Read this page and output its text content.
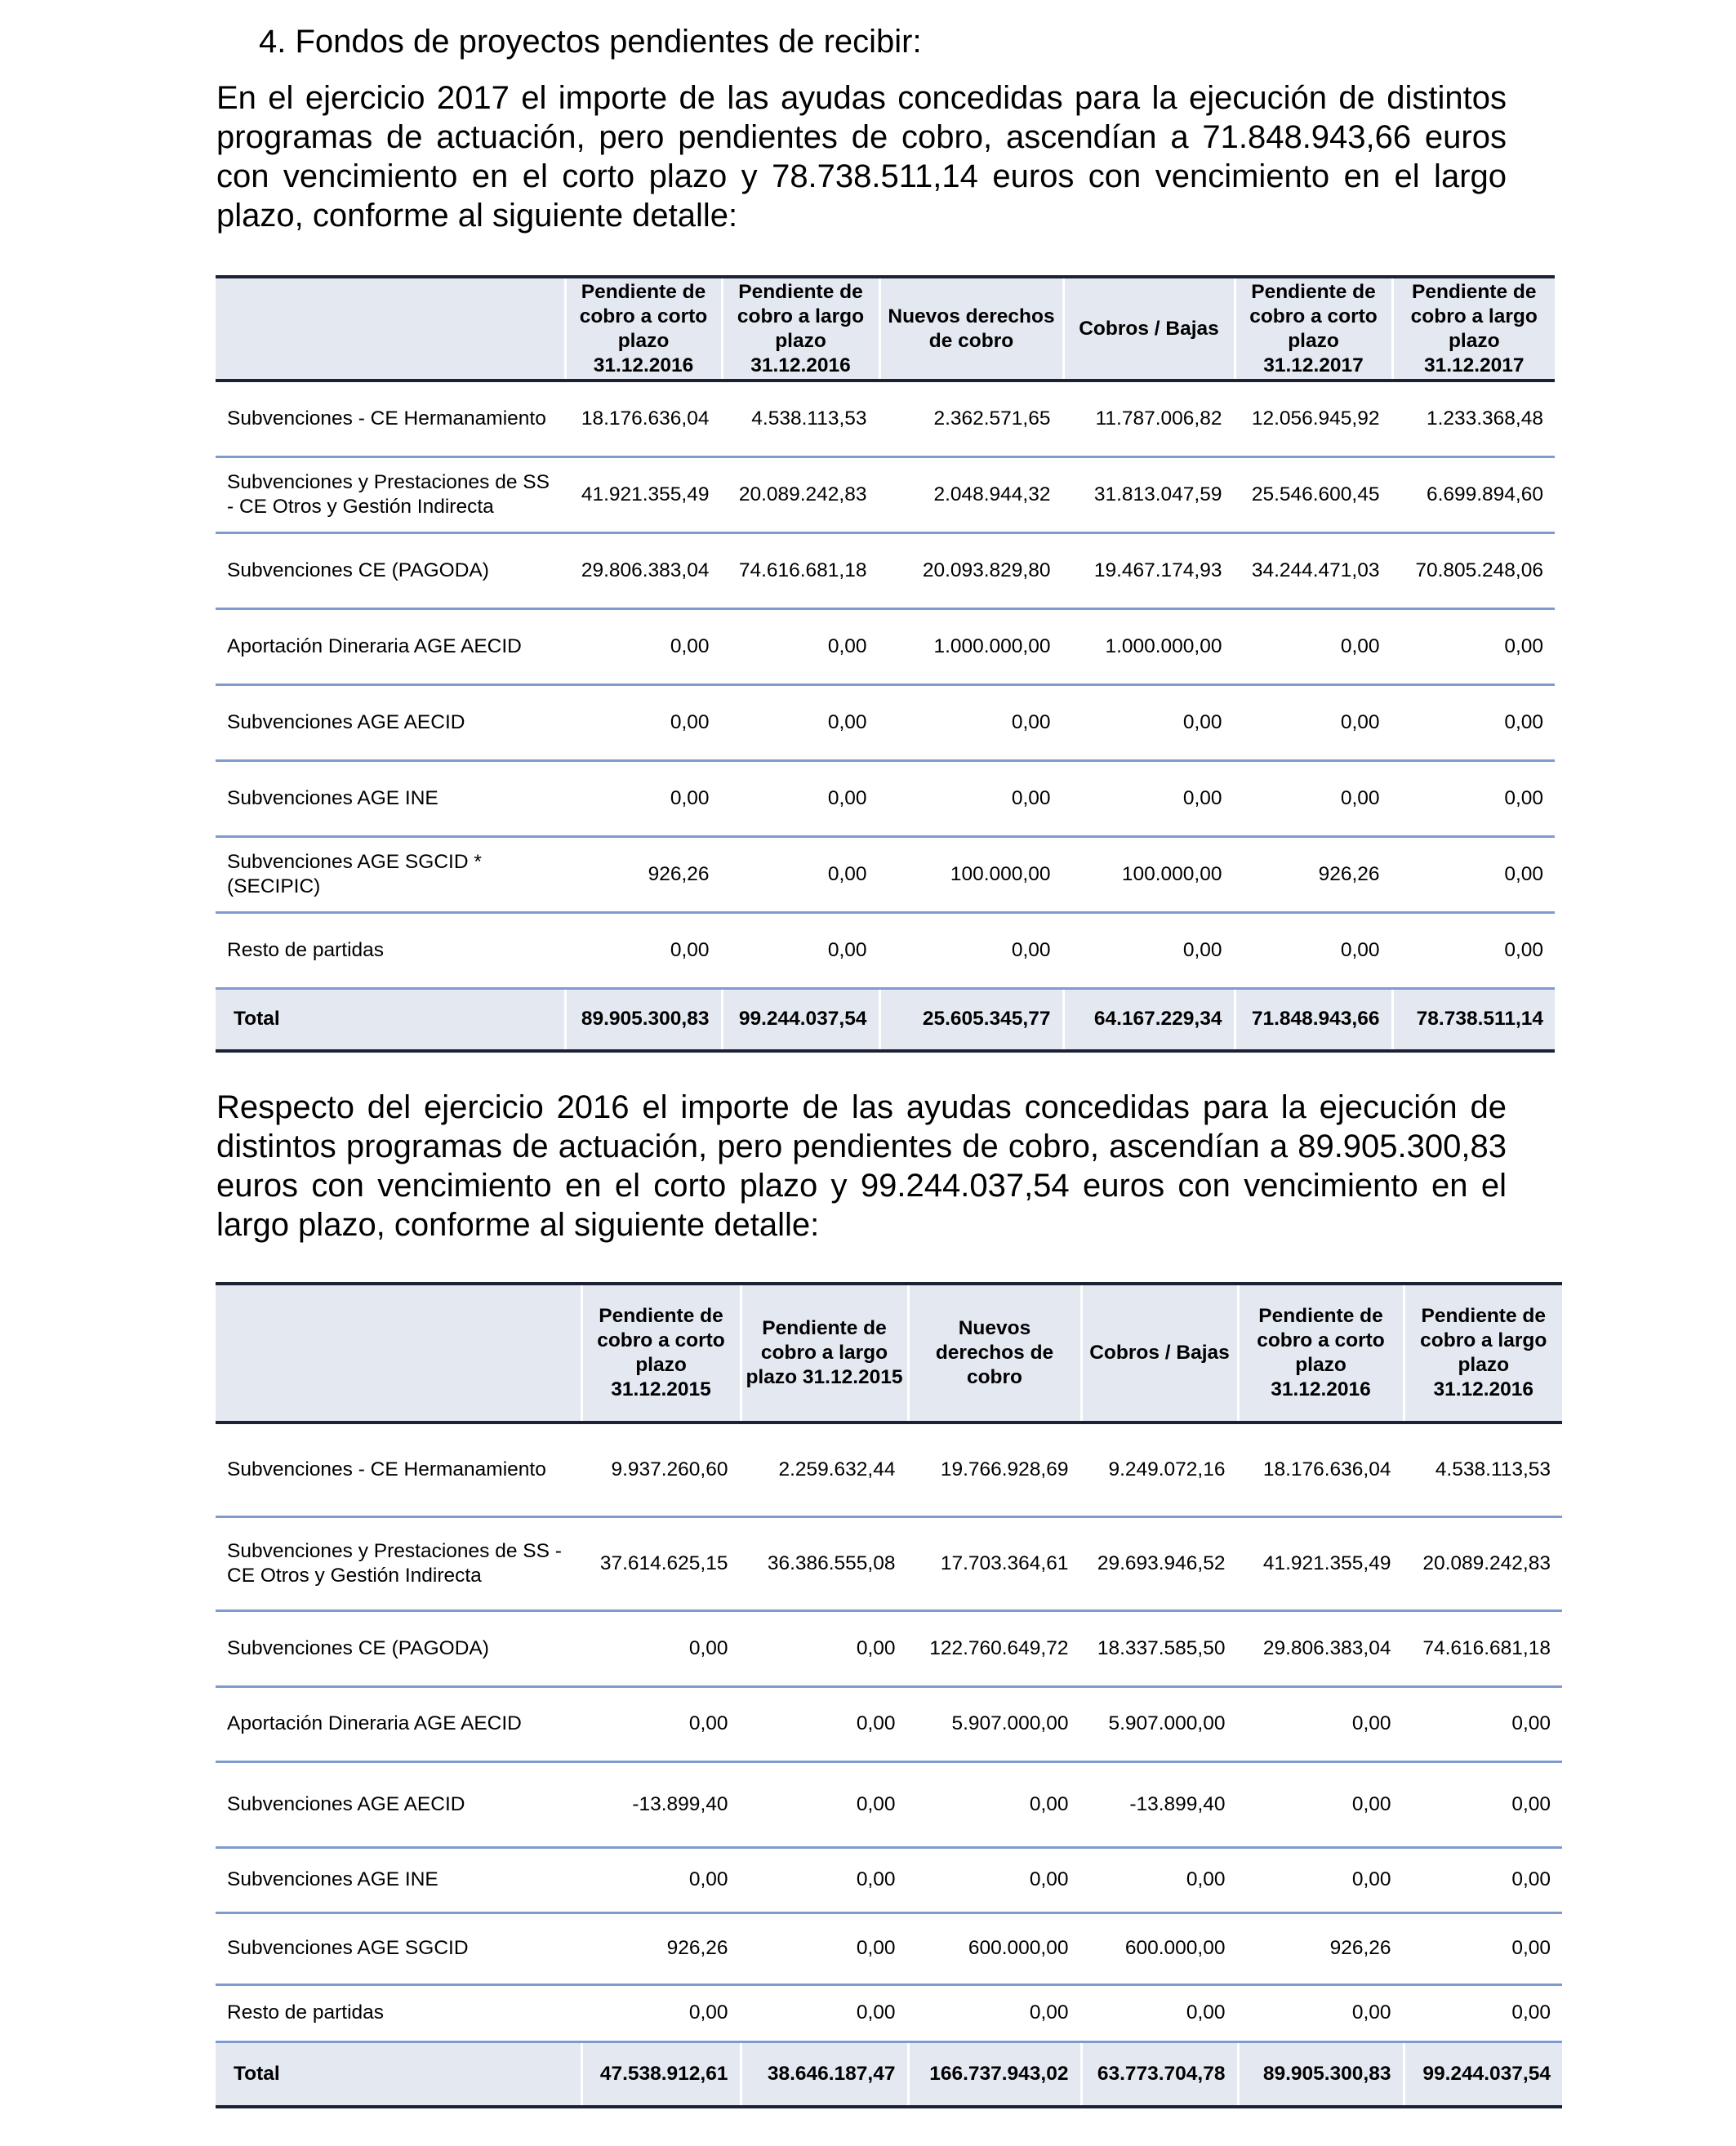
4. Fondos de proyectos pendientes de recibir:
En el ejercicio 2017 el importe de las ayudas concedidas para la ejecución de distintos programas de actuación, pero pendientes de cobro, ascendían a 71.848.943,66 euros con vencimiento en el corto plazo y 78.738.511,14 euros con vencimiento en el largo plazo, conforme al siguiente detalle:
	Pendiente de cobro a corto plazo 31.12.2016	Pendiente de cobro a largo plazo 31.12.2016	Nuevos derechos de cobro	Cobros / Bajas	Pendiente de cobro a corto plazo 31.12.2017	Pendiente de cobro a largo plazo 31.12.2017
Subvenciones - CE Hermanamiento	18.176.636,04	4.538.113,53	2.362.571,65	11.787.006,82	12.056.945,92	1.233.368,48
Subvenciones y Prestaciones de SS - CE Otros y Gestión Indirecta	41.921.355,49	20.089.242,83	2.048.944,32	31.813.047,59	25.546.600,45	6.699.894,60
Subvenciones CE (PAGODA)	29.806.383,04	74.616.681,18	20.093.829,80	19.467.174,93	34.244.471,03	70.805.248,06
Aportación Dineraria AGE AECID	0,00	0,00	1.000.000,00	1.000.000,00	0,00	0,00
Subvenciones AGE AECID	0,00	0,00	0,00	0,00	0,00	0,00
Subvenciones AGE INE	0,00	0,00	0,00	0,00	0,00	0,00
Subvenciones AGE SGCID * (SECIPIC)	926,26	0,00	100.000,00	100.000,00	926,26	0,00
Resto de partidas	0,00	0,00	0,00	0,00	0,00	0,00
Total	89.905.300,83	99.244.037,54	25.605.345,77	64.167.229,34	71.848.943,66	78.738.511,14
Respecto del ejercicio 2016 el importe de las ayudas concedidas para la ejecución de distintos programas de actuación, pero pendientes de cobro, ascendían a 89.905.300,83 euros con vencimiento en el corto plazo y 99.244.037,54 euros con vencimiento en el largo plazo, conforme al siguiente detalle:
	Pendiente de cobro a corto plazo 31.12.2015	Pendiente de cobro a largo plazo 31.12.2015	Nuevos derechos de cobro	Cobros / Bajas	Pendiente de cobro a corto plazo 31.12.2016	Pendiente de cobro a largo plazo 31.12.2016
Subvenciones - CE Hermanamiento	9.937.260,60	2.259.632,44	19.766.928,69	9.249.072,16	18.176.636,04	4.538.113,53
Subvenciones y Prestaciones de SS - CE Otros y Gestión Indirecta	37.614.625,15	36.386.555,08	17.703.364,61	29.693.946,52	41.921.355,49	20.089.242,83
Subvenciones CE (PAGODA)	0,00	0,00	122.760.649,72	18.337.585,50	29.806.383,04	74.616.681,18
Aportación Dineraria AGE AECID	0,00	0,00	5.907.000,00	5.907.000,00	0,00	0,00
Subvenciones AGE AECID	-13.899,40	0,00	0,00	-13.899,40	0,00	0,00
Subvenciones AGE INE	0,00	0,00	0,00	0,00	0,00	0,00
Subvenciones AGE SGCID	926,26	0,00	600.000,00	600.000,00	926,26	0,00
Resto de partidas	0,00	0,00	0,00	0,00	0,00	0,00
Total	47.538.912,61	38.646.187,47	166.737.943,02	63.773.704,78	89.905.300,83	99.244.037,54
